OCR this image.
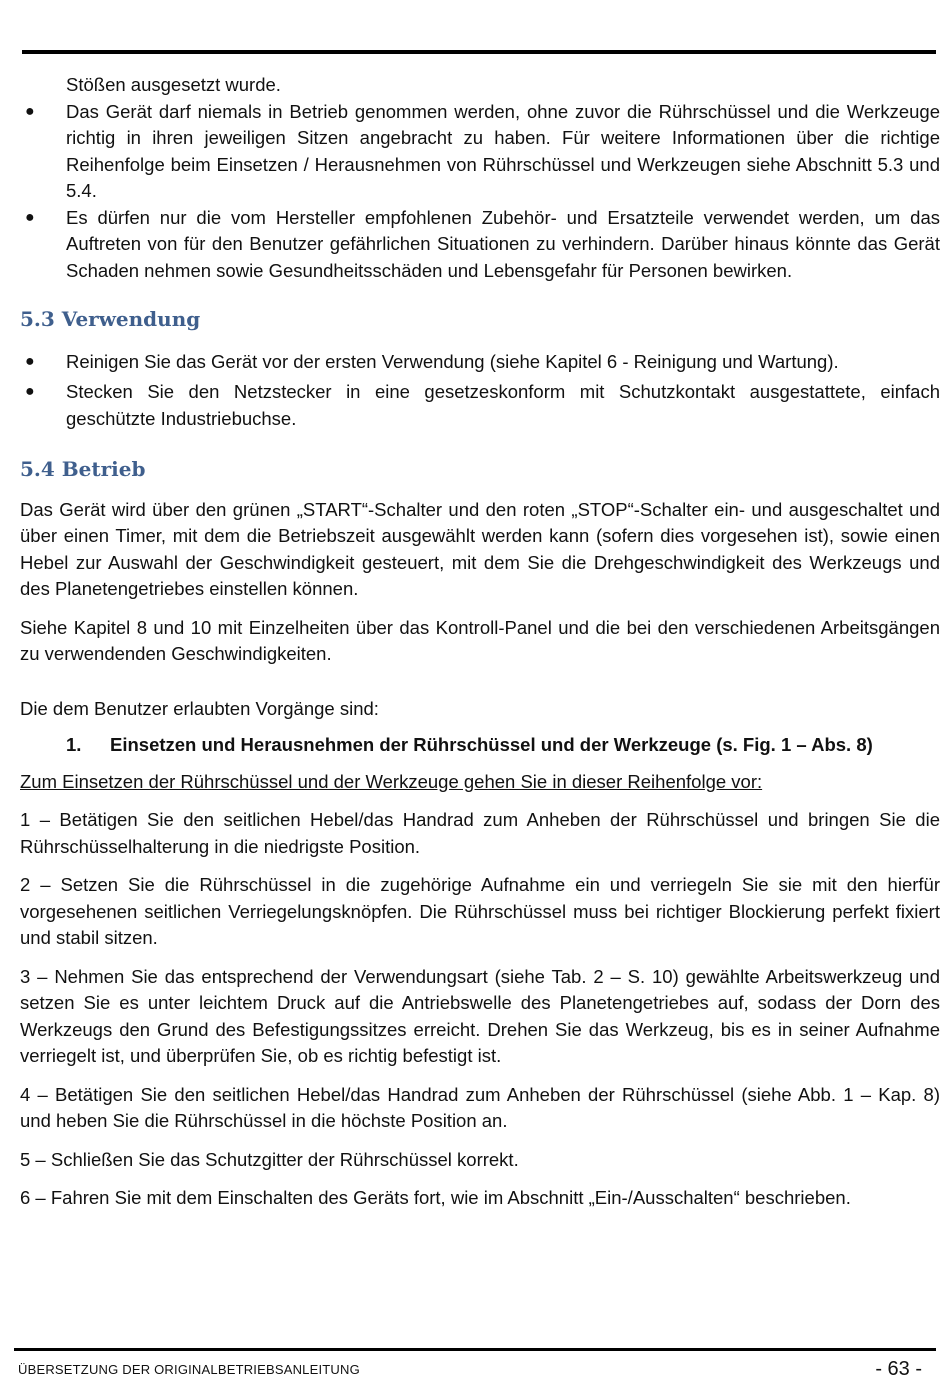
Stößen ausgesetzt wurde.
● Das Gerät darf niemals in Betrieb genommen werden, ohne zuvor die Rührschüssel und die Werkzeuge richtig in ihren jeweiligen Sitzen angebracht zu haben. Für weitere Informationen über die richtige Reihenfolge beim Einsetzen / Herausnehmen von Rührschüssel und Werkzeugen siehe Abschnitt 5.3 und 5.4.
● Es dürfen nur die vom Hersteller empfohlenen Zubehör- und Ersatzteile verwendet werden, um das Auftreten von für den Benutzer gefährlichen Situationen zu verhindern. Darüber hinaus könnte das Gerät Schaden nehmen sowie Gesundheitsschäden und Lebensgefahr für Personen bewirken.
5.3 Verwendung
● Reinigen Sie das Gerät vor der ersten Verwendung (siehe Kapitel 6 - Reinigung und Wartung).
● Stecken Sie den Netzstecker in eine gesetzeskonform mit Schutzkontakt ausgestattete, einfach geschützte Industriebuchse.
5.4 Betrieb

Das Gerät wird über den grünen „START“-Schalter und den roten „STOP“-Schalter ein- und ausgeschaltet und über einen Timer, mit dem die Betriebszeit ausgewählt werden kann (sofern dies vorgesehen ist), sowie einen Hebel zur Auswahl der Geschwindigkeit gesteuert, mit dem Sie die Drehgeschwindigkeit des Werkzeugs und des Planetengetriebes einstellen können.

Siehe Kapitel 8 und 10 mit Einzelheiten über das Kontroll-Panel und die bei den verschiedenen Arbeitsgängen zu verwendenden Geschwindigkeiten.

Die dem Benutzer erlaubten Vorgänge sind:

1.	Einsetzen und Herausnehmen der Rührschüssel und der Werkzeuge (s. Fig. 1 – Abs. 8)

Zum Einsetzen der Rührschüssel und der Werkzeuge gehen Sie in dieser Reihenfolge vor:

1 – Betätigen Sie den seitlichen Hebel/das Handrad zum Anheben der Rührschüssel und bringen Sie die Rührschüsselhalterung in die niedrigste Position.

2 – Setzen Sie die Rührschüssel in die zugehörige Aufnahme ein und verriegeln Sie sie mit den hierfür vorgesehenen seitlichen Verriegelungsknöpfen. Die Rührschüssel muss bei richtiger Blockierung perfekt fixiert und stabil sitzen.

3 – Nehmen Sie das entsprechend der Verwendungsart (siehe Tab. 2 – S. 10) gewählte Arbeitswerkzeug und setzen Sie es unter leichtem Druck auf die Antriebswelle des Planetengetriebes auf, sodass der Dorn des Werkzeugs den Grund des Befestigungssitzes erreicht. Drehen Sie das Werkzeug, bis es in seiner Aufnahme verriegelt ist, und überprüfen Sie, ob es richtig befestigt ist.

4 – Betätigen Sie den seitlichen Hebel/das Handrad zum Anheben der Rührschüssel (siehe Abb. 1 – Kap. 8) und heben Sie die Rührschüssel in die höchste Position an.

5 – Schließen Sie das Schutzgitter der Rührschüssel korrekt.

6 – Fahren Sie mit dem Einschalten des Geräts fort, wie im Abschnitt „Ein-/Ausschalten“ beschrieben.

ÜBERSETZUNG DER ORIGINALBETRIEBSANLEITUNG	- 63 -
